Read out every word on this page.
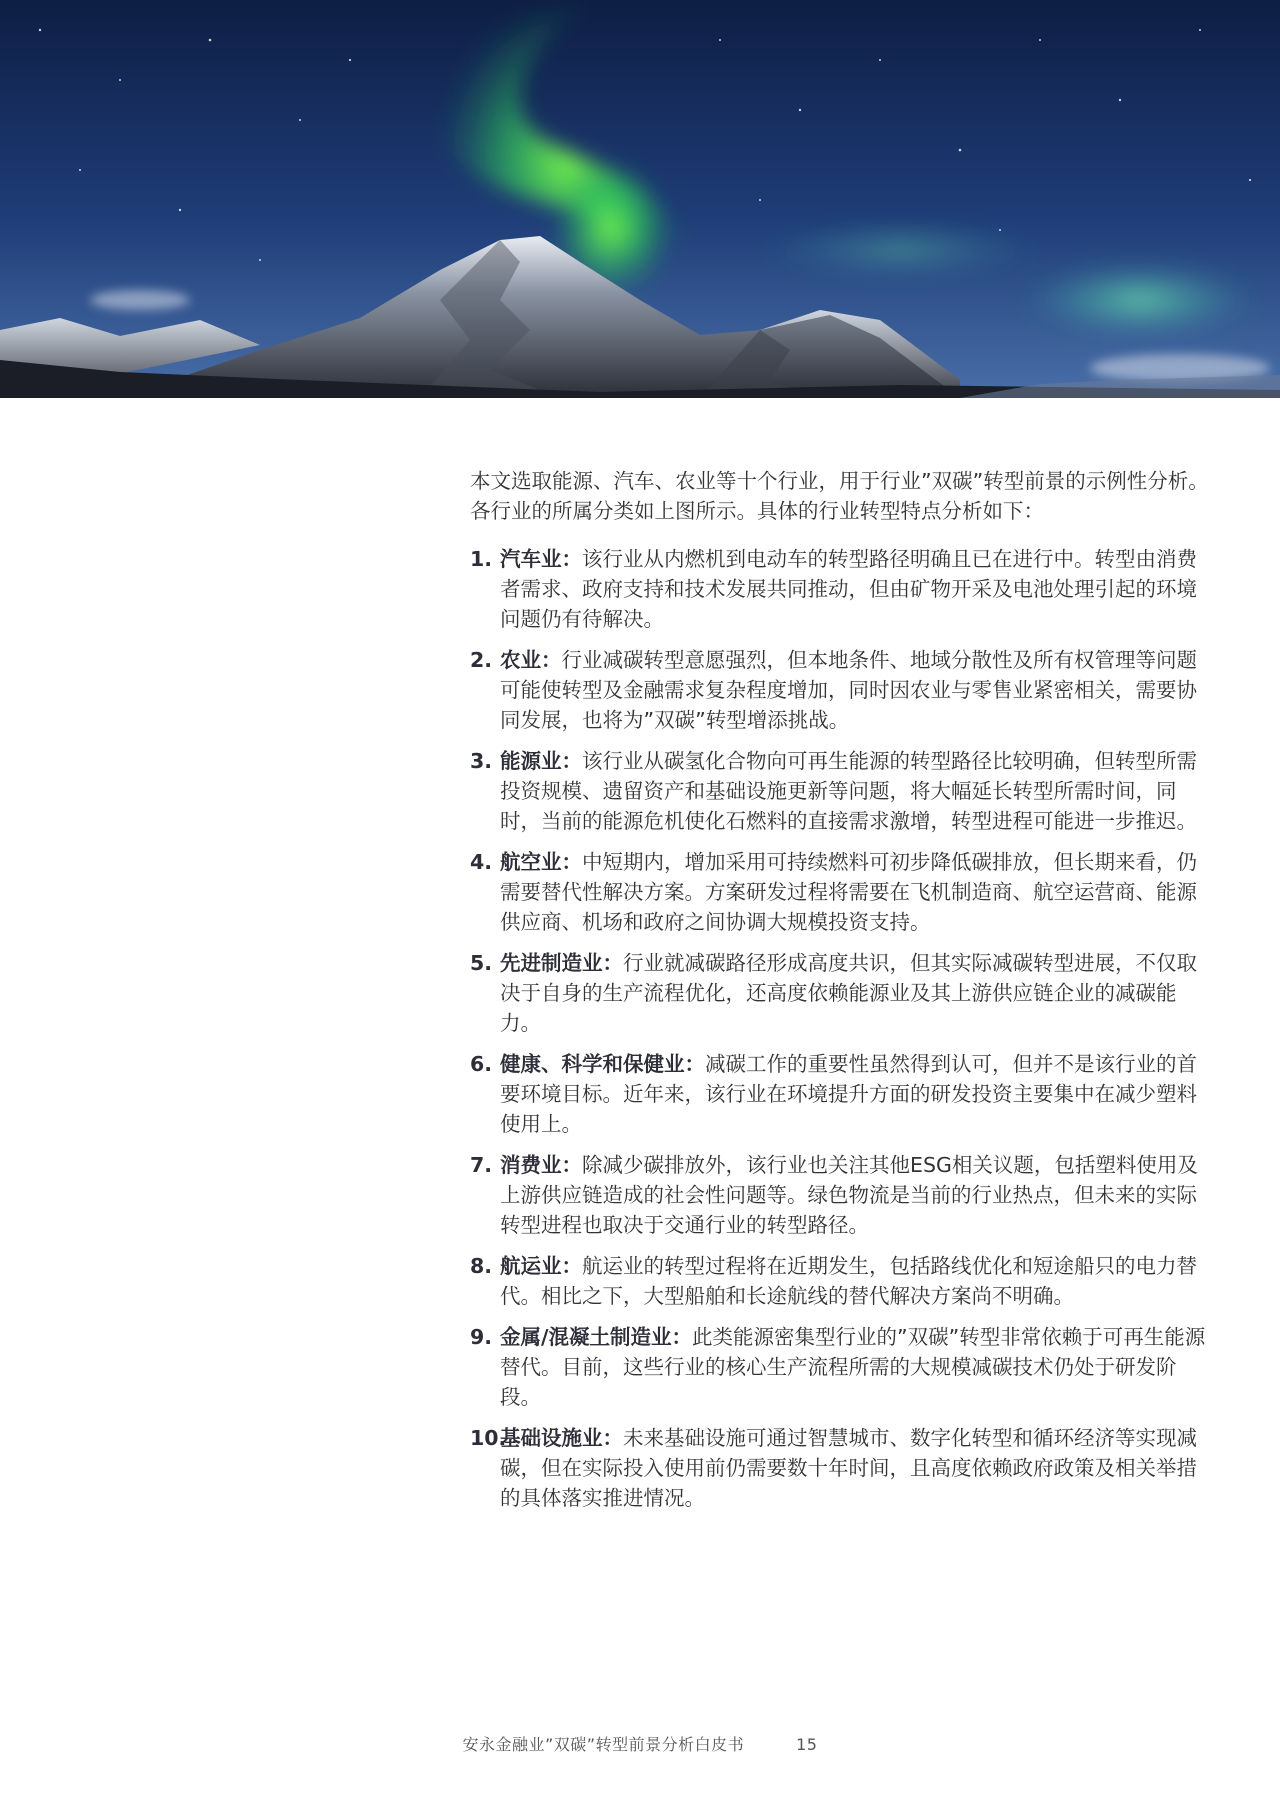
本文选取能源、汽车、农业等十个行业，用于行业”双碳”转型前景的示例性分析。各行业的所属分类如上图所示。具体的行业转型特点分析如下：

1. 汽车业：该行业从内燃机到电动车的转型路径明确且已在进行中。转型由消费者需求、政府支持和技术发展共同推动，但由矿物开采及电池处理引起的环境问题仍有待解决。
2. 农业：行业减碳转型意愿强烈，但本地条件、地域分散性及所有权管理等问题可能使转型及金融需求复杂程度增加，同时因农业与零售业紧密相关，需要协同发展，也将为”双碳”转型增添挑战。
3. 能源业：该行业从碳氢化合物向可再生能源的转型路径比较明确，但转型所需投资规模、遗留资产和基础设施更新等问题，将大幅延长转型所需时间，同时，当前的能源危机使化石燃料的直接需求激增，转型进程可能进一步推迟。
4. 航空业：中短期内，增加采用可持续燃料可初步降低碳排放，但长期来看，仍需要替代性解决方案。方案研发过程将需要在飞机制造商、航空运营商、能源供应商、机场和政府之间协调大规模投资支持。
5. 先进制造业：行业就减碳路径形成高度共识，但其实际减碳转型进展，不仅取决于自身的生产流程优化，还高度依赖能源业及其上游供应链企业的减碳能力。
6. 健康、科学和保健业：减碳工作的重要性虽然得到认可，但并不是该行业的首要环境目标。近年来，该行业在环境提升方面的研发投资主要集中在减少塑料使用上。
7. 消费业：除减少碳排放外，该行业也关注其他ESG相关议题，包括塑料使用及上游供应链造成的社会性问题等。绿色物流是当前的行业热点，但未来的实际转型进程也取决于交通行业的转型路径。
8. 航运业：航运业的转型过程将在近期发生，包括路线优化和短途船只的电力替代。相比之下，大型船舶和长途航线的替代解决方案尚不明确。
9. 金属/混凝土制造业：此类能源密集型行业的”双碳”转型非常依赖于可再生能源替代。目前，这些行业的核心生产流程所需的大规模减碳技术仍处于研发阶段。
10.
基础设施业：未来基础设施可通过智慧城市、数字化转型和循环经济等实现减碳，但在实际投入使用前仍需要数十年时间，且高度依赖政府政策及相关举措的具体落实推进情况。
安永金融业”双碳”转型前景分析白皮书	15
